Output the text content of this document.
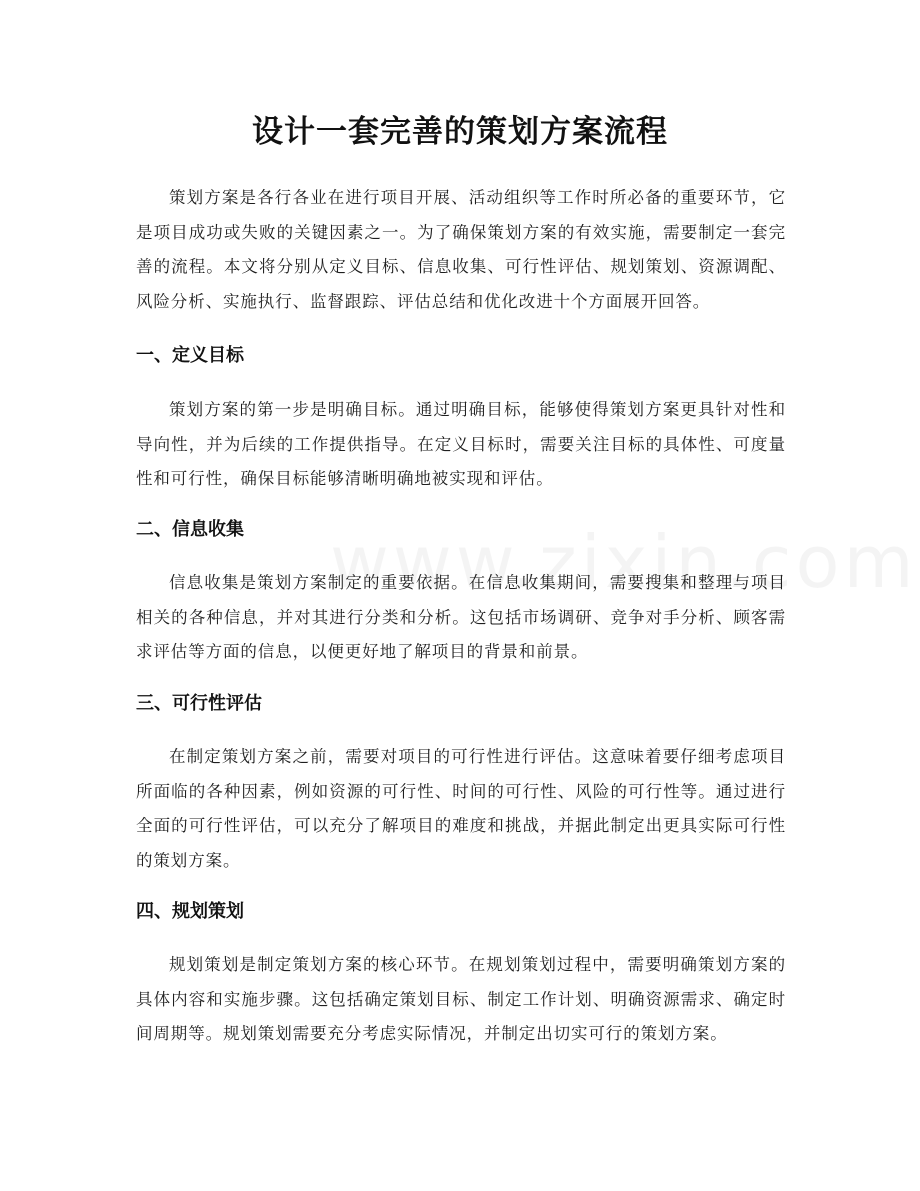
设计一套完善的策划方案流程

策划方案是各行各业在进行项目开展、活动组织等工作时所必备的重要环节，它是项目成功或失败的关键因素之一。为了确保策划方案的有效实施，需要制定一套完善的流程。本文将分别从定义目标、信息收集、可行性评估、规划策划、资源调配、风险分析、实施执行、监督跟踪、评估总结和优化改进十个方面展开回答。

一、定义目标

策划方案的第一步是明确目标。通过明确目标，能够使得策划方案更具针对性和导向性，并为后续的工作提供指导。在定义目标时，需要关注目标的具体性、可度量性和可行性，确保目标能够清晰明确地被实现和评估。

二、信息收集

信息收集是策划方案制定的重要依据。在信息收集期间，需要搜集和整理与项目相关的各种信息，并对其进行分类和分析。这包括市场调研、竞争对手分析、顾客需求评估等方面的信息，以便更好地了解项目的背景和前景。

三、可行性评估

在制定策划方案之前，需要对项目的可行性进行评估。这意味着要仔细考虑项目所面临的各种因素，例如资源的可行性、时间的可行性、风险的可行性等。通过进行全面的可行性评估，可以充分了解项目的难度和挑战，并据此制定出更具实际可行性的策划方案。

四、规划策划

规划策划是制定策划方案的核心环节。在规划策划过程中，需要明确策划方案的具体内容和实施步骤。这包括确定策划目标、制定工作计划、明确资源需求、确定时间周期等。规划策划需要充分考虑实际情况，并制定出切实可行的策划方案。
